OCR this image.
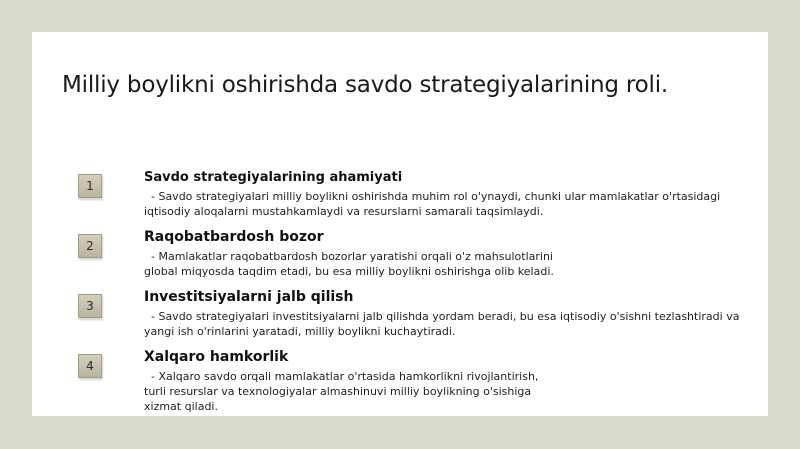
Milliy boylikni oshirishda savdo strategiyalarining roli.
1
Savdo strategiyalarining ahamiyati
- Savdo strategiyalari milliy boylikni oshirishda muhim rol o'ynaydi, chunki ular mamlakatlar o'rtasidagi
iqtisodiy aloqalarni mustahkamlaydi va resurslarni samarali taqsimlaydi.
2
Raqobatbardosh bozor
- Mamlakatlar raqobatbardosh bozorlar yaratishi orqali o'z mahsulotlarini
global miqyosda taqdim etadi, bu esa milliy boylikni oshirishga olib keladi.
3
Investitsiyalarni jalb qilish
- Savdo strategiyalari investitsiyalarni jalb qilishda yordam beradi, bu esa iqtisodiy o'sishni tezlashtiradi va
yangi ish o'rinlarini yaratadi, milliy boylikni kuchaytiradi.
4
Xalqaro hamkorlik
- Xalqaro savdo orqali mamlakatlar o'rtasida hamkorlikni rivojlantirish,
turli resurslar va texnologiyalar almashinuvi milliy boylikning o'sishiga
xizmat qiladi.
